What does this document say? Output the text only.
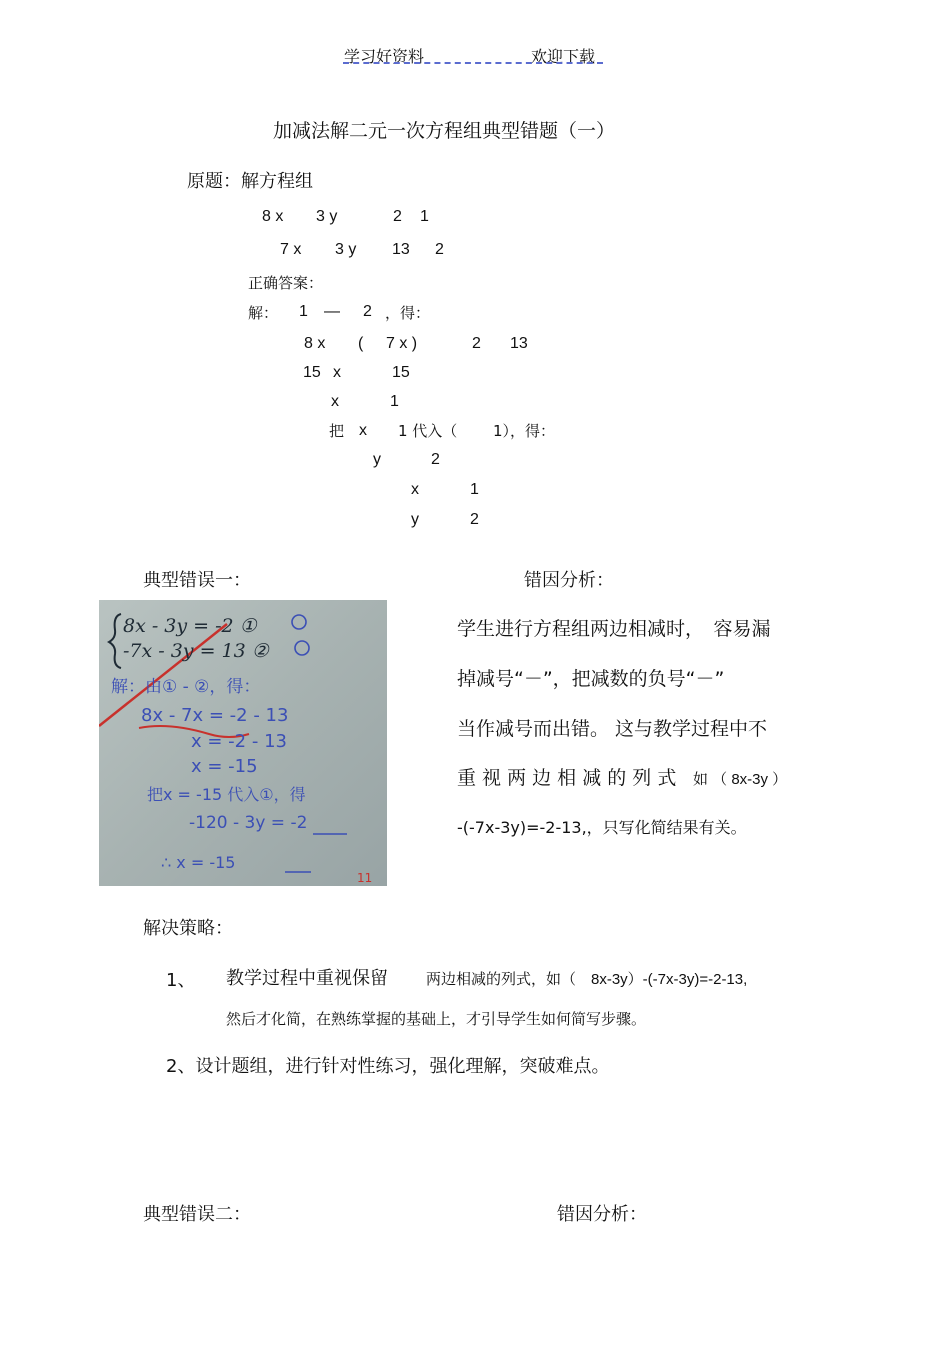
学习好资料	欢迎下载
加减法解二元一次方程组典型错题（一）
原题：解方程组
8 x 3 y	2 1
7 x 3 y 13 2
正确答案：
解： 1 — 2 ，得：
8 x ( 7 x )	2 13
15 x	15
x	1
把 x 1 代入（ 1），得：
y	2
x	1
y	2
典型错误一：	错因分析：
8x - 3y = -2 ①
-7x - 3y = 13 ②
解：由① - ②，得：
8x - 7x = -2 - 13
x = -2 - 13
x = -15
把x = -15 代入①，得
-120 - 3y = -2
∴ x = -15
11
学生进行方程组两边相减时，　容易漏
掉减号“－”，把减数的负号“－”
当作减号而出错。 这与教学过程中不
重 视 两 边 相 减 的 列 式 如 （ 8x-3y ）
-(-7x-3y)=-2-13,，只写化简结果有关。
解决策略：
1、 教学过程中重视保留	两边相减的列式，如（　8x-3y）-(-7x-3y)=-2-13,
然后才化简，在熟练掌握的基础上，才引导学生如何简写步骤。
2、设计题组，进行针对性练习，强化理解，突破难点。
典型错误二：	错因分析：
